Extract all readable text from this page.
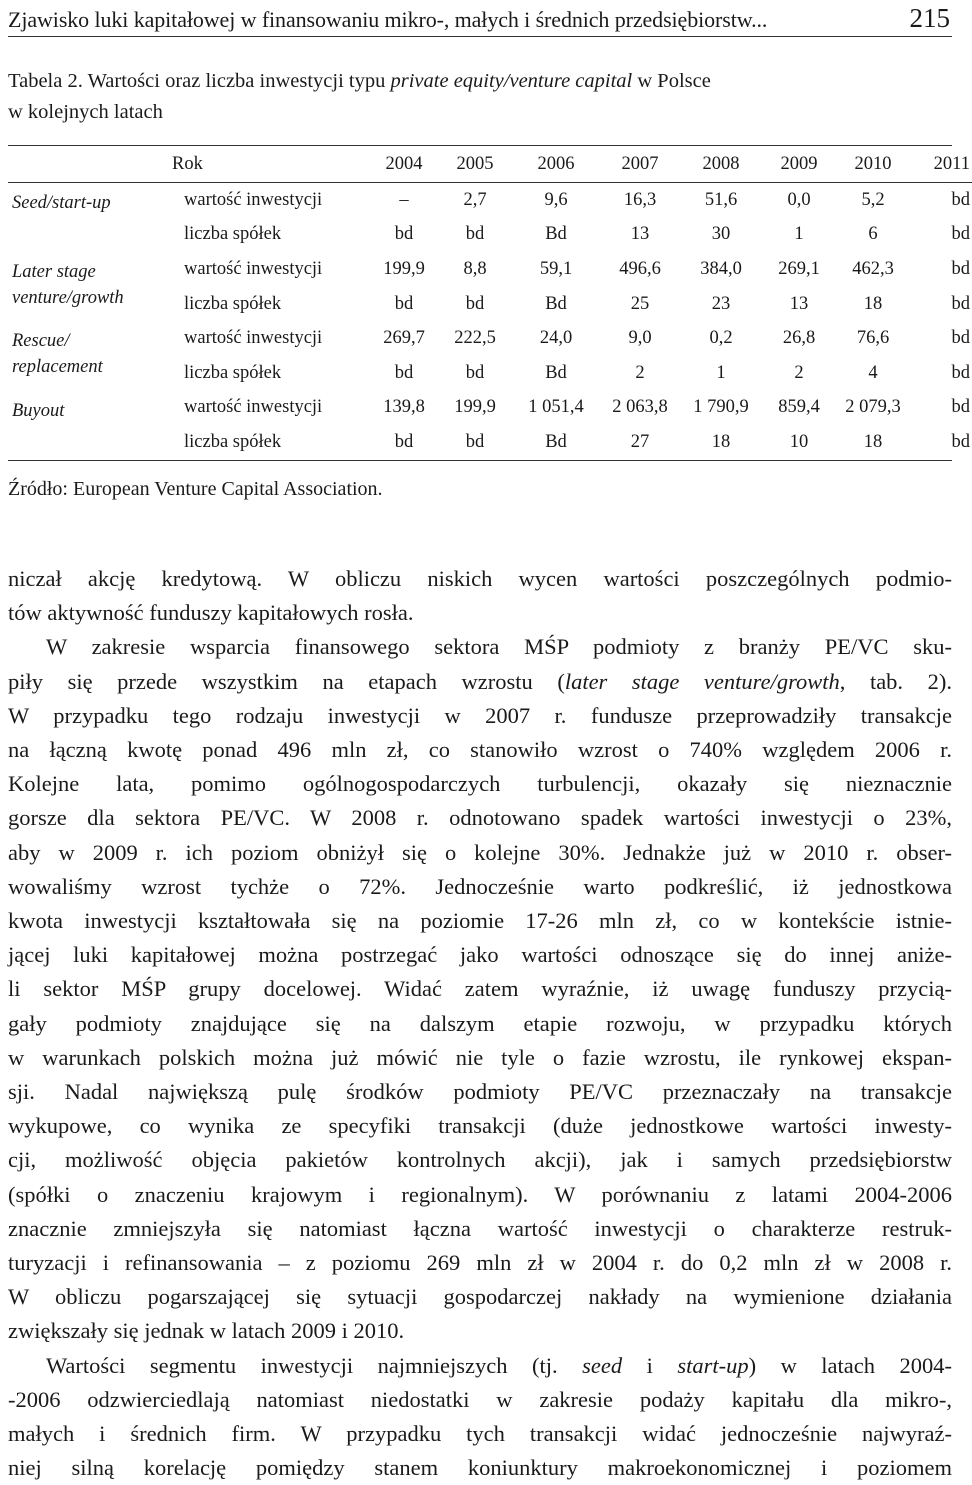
Zjawisko luki kapitałowej w finansowaniu mikro-, małych i średnich przedsiębiorstw...	215
Tabela 2. Wartości oraz liczba inwestycji typu private equity/venture capital w Polsce
w kolejnych latach
Rok		2004	2005	2006	2007	2008	2009	2010	2011
Seed/start-up	wartość inwestycji	–	2,7	9,6	16,3	51,6	0,0	5,2	bd
	liczba spółek	bd	bd	Bd	13	30	1	6	bd
Later stage
venture/growth	wartość inwestycji	199,9	8,8	59,1	496,6	384,0	269,1	462,3	bd
	liczba spółek	bd	bd	Bd	25	23	13	18	bd
Rescue/
replacement	wartość inwestycji	269,7	222,5	24,0	9,0	0,2	26,8	76,6	bd
	liczba spółek	bd	bd	Bd	2	1	2	4	bd
Buyout	wartość inwestycji	139,8	199,9	1 051,4	2 063,8	1 790,9	859,4	2 079,3	bd
	liczba spółek	bd	bd	Bd	27	18	10	18	bd
Źródło: European Venture Capital Association.
niczał akcję kredytową. W obliczu niskich wycen wartości poszczególnych podmio-
tów aktywność funduszy kapitałowych rosła.
W zakresie wsparcia finansowego sektora MŚP podmioty z branży PE/VC sku-
piły się przede wszystkim na etapach wzrostu (later stage venture/growth, tab. 2).
W przypadku tego rodzaju inwestycji w 2007 r. fundusze przeprowadziły transakcje
na łączną kwotę ponad 496 mln zł, co stanowiło wzrost o 740% względem 2006 r.
Kolejne lata, pomimo ogólnogospodarczych turbulencji, okazały się nieznacznie
gorsze dla sektora PE/VC. W 2008 r. odnotowano spadek wartości inwestycji o 23%,
aby w 2009 r. ich poziom obniżył się o kolejne 30%. Jednakże już w 2010 r. obser-
wowaliśmy wzrost tychże o 72%. Jednocześnie warto podkreślić, iż jednostkowa
kwota inwestycji kształtowała się na poziomie 17-26 mln zł, co w kontekście istnie-
jącej luki kapitałowej można postrzegać jako wartości odnoszące się do innej aniże-
li sektor MŚP grupy docelowej. Widać zatem wyraźnie, iż uwagę funduszy przycią-
gały podmioty znajdujące się na dalszym etapie rozwoju, w przypadku których
w warunkach polskich można już mówić nie tyle o fazie wzrostu, ile rynkowej ekspan-
sji. Nadal największą pulę środków podmioty PE/VC przeznaczały na transakcje
wykupowe, co wynika ze specyfiki transakcji (duże jednostkowe wartości inwesty-
cji, możliwość objęcia pakietów kontrolnych akcji), jak i samych przedsiębiorstw
(spółki o znaczeniu krajowym i regionalnym). W porównaniu z latami 2004-2006
znacznie zmniejszyła się natomiast łączna wartość inwestycji o charakterze restruk-
turyzacji i refinansowania – z poziomu 269 mln zł w 2004 r. do 0,2 mln zł w 2008 r.
W obliczu pogarszającej się sytuacji gospodarczej nakłady na wymienione działania
zwiększały się jednak w latach 2009 i 2010.
Wartości segmentu inwestycji najmniejszych (tj. seed i start-up) w latach 2004-
-2006 odzwierciedlają natomiast niedostatki w zakresie podaży kapitału dla mikro-,
małych i średnich firm. W przypadku tych transakcji widać jednocześnie najwyraź-
niej silną korelację pomiędzy stanem koniunktury makroekonomicznej i poziomem
